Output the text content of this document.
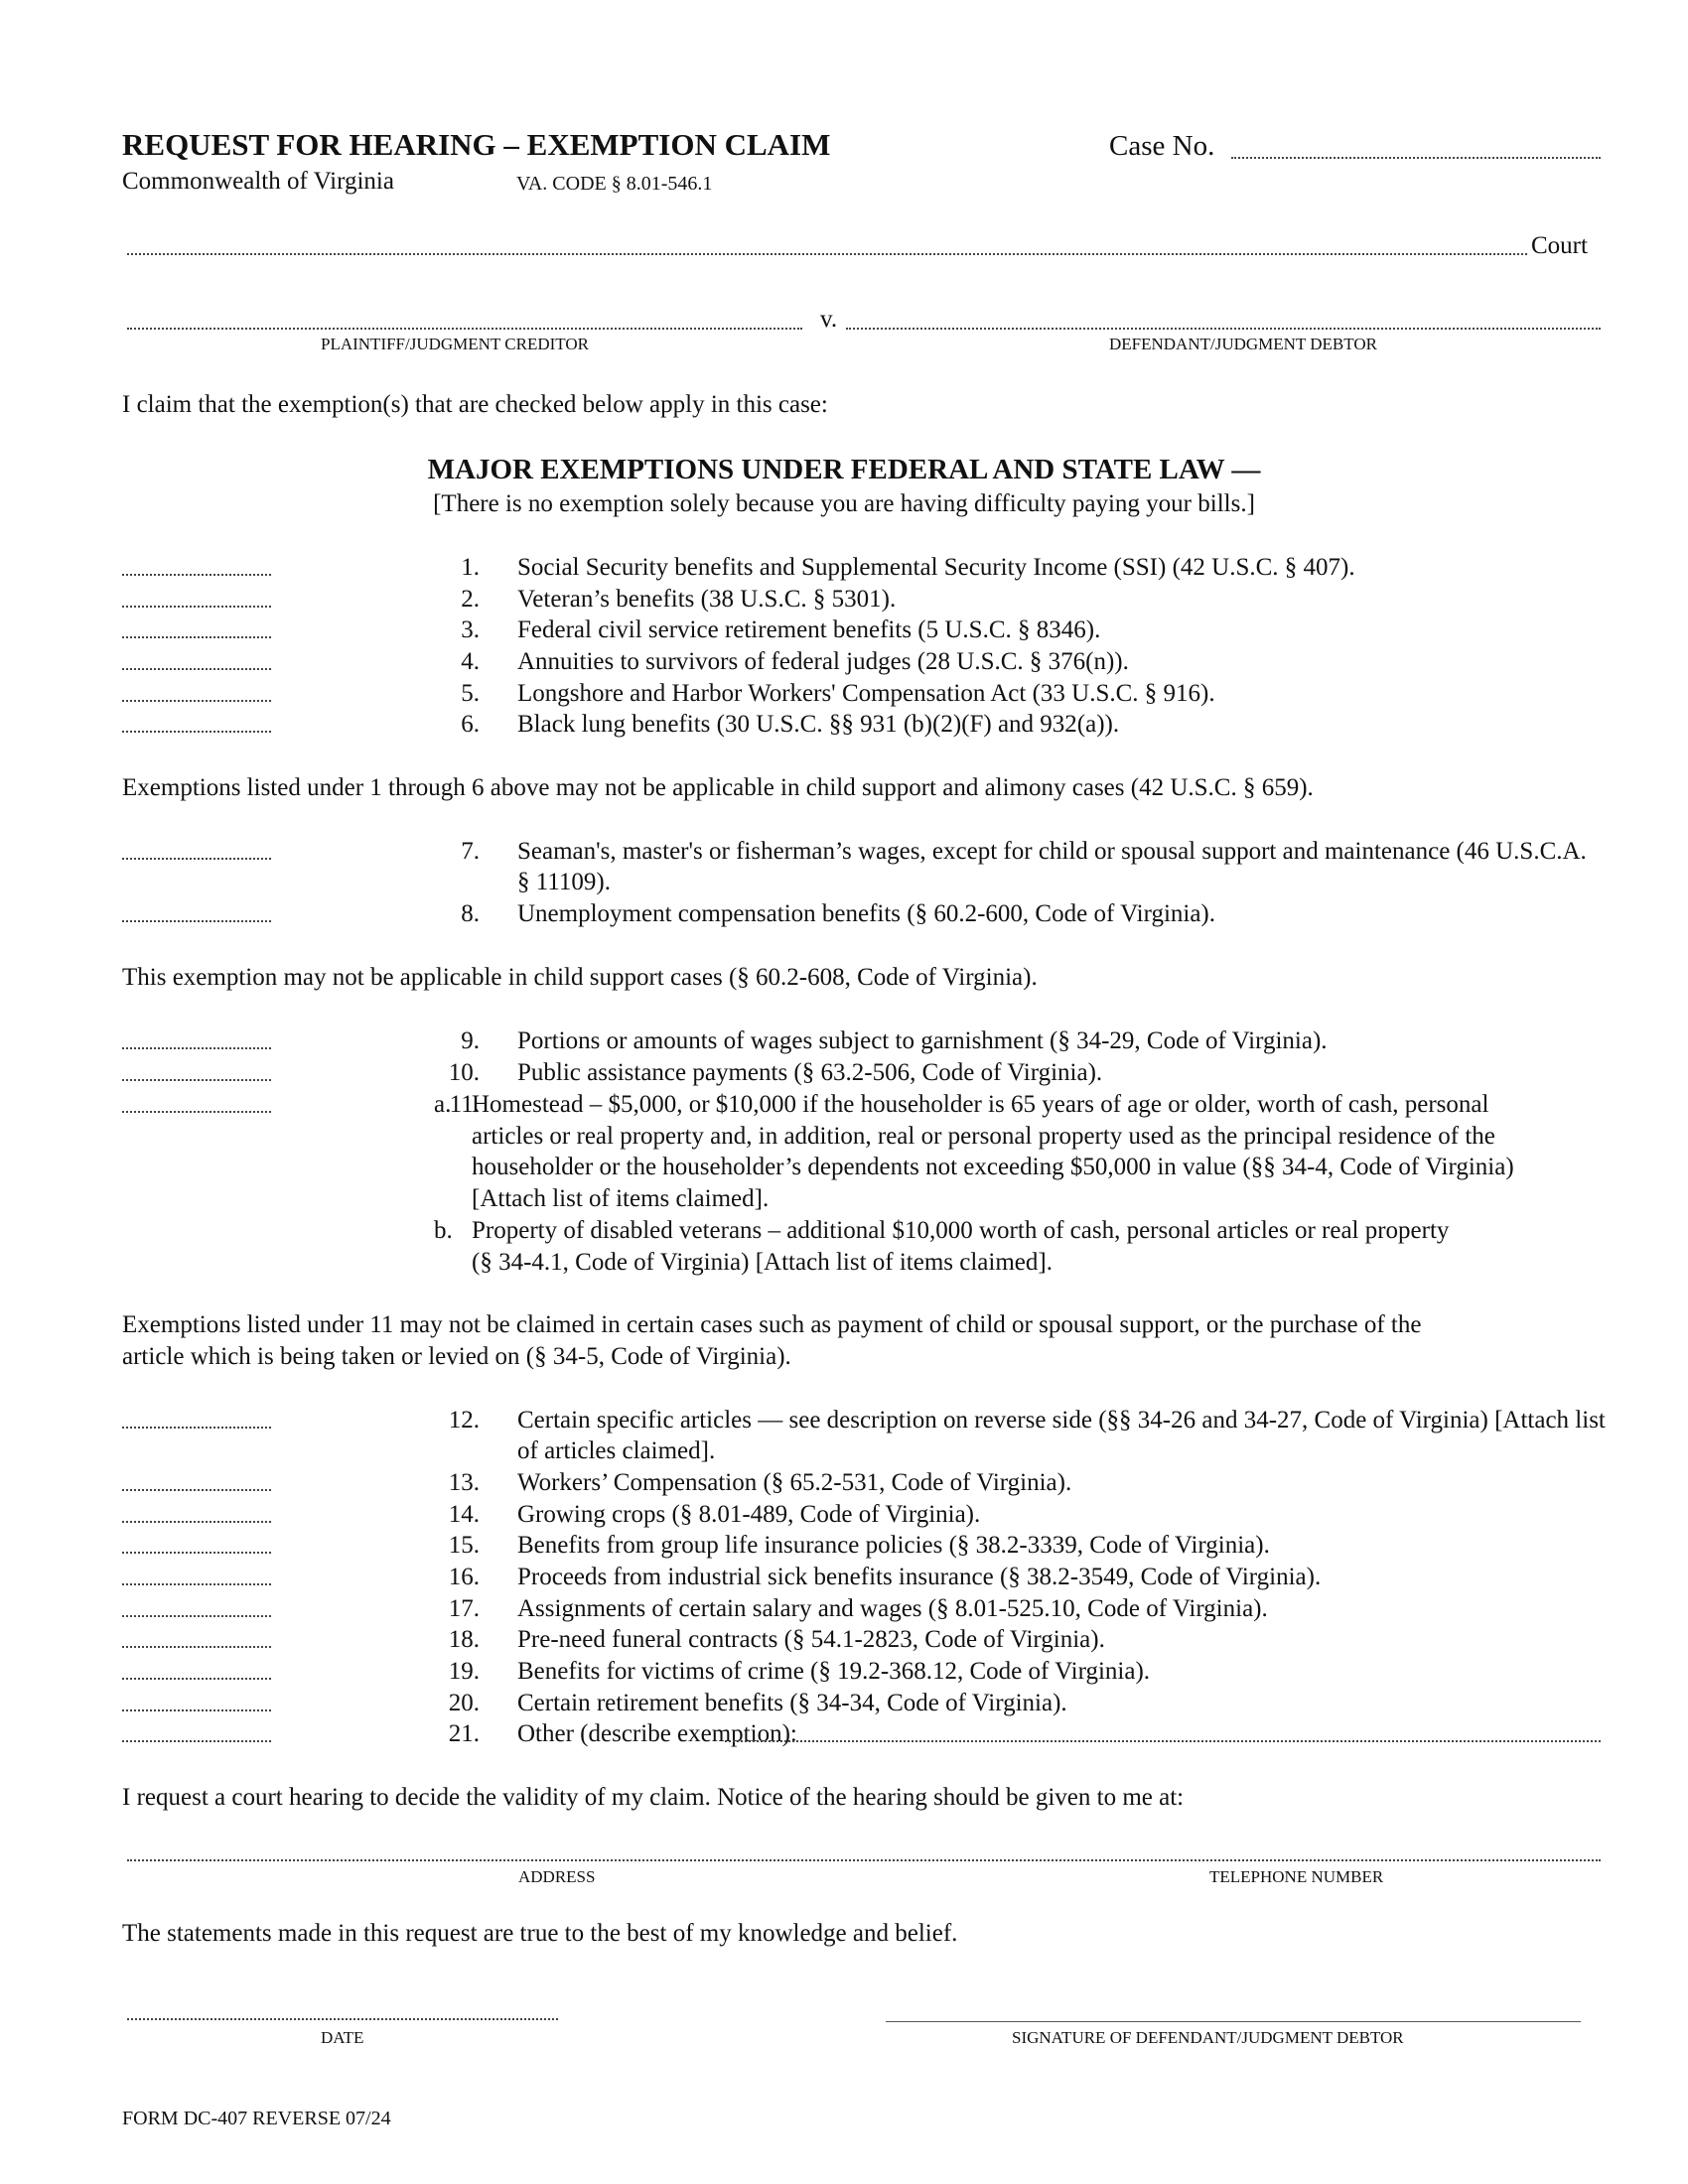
REQUEST FOR HEARING – EXEMPTION CLAIM	Case No.
Commonwealth of Virginia	VA. CODE § 8.01-546.1
Court
v.
PLAINTIFF/JUDGMENT CREDITOR	DEFENDANT/JUDGMENT DEBTOR
I claim that the exemption(s) that are checked below apply in this case:
MAJOR EXEMPTIONS UNDER FEDERAL AND STATE LAW —
[There is no exemption solely because you are having difficulty paying your bills.]
1. Social Security benefits and Supplemental Security Income (SSI) (42 U.S.C. § 407).
2. Veteran’s benefits (38 U.S.C. § 5301).
3. Federal civil service retirement benefits (5 U.S.C. § 8346).
4. Annuities to survivors of federal judges (28 U.S.C. § 376(n)).
5. Longshore and Harbor Workers' Compensation Act (33 U.S.C. § 916).
6. Black lung benefits (30 U.S.C. §§ 931 (b)(2)(F) and 932(a)).
Exemptions listed under 1 through 6 above may not be applicable in child support and alimony cases (42 U.S.C. § 659).
7. Seaman's, master's or fisherman’s wages, except for child or spousal support and maintenance (46 U.S.C.A.
§ 11109).
8. Unemployment compensation benefits (§ 60.2-600, Code of Virginia).
This exemption may not be applicable in child support cases (§ 60.2-608, Code of Virginia).
9. Portions or amounts of wages subject to garnishment (§ 34-29, Code of Virginia).
10. Public assistance payments (§ 63.2-506, Code of Virginia).
11.
a. Homestead – $5,000, or $10,000 if the householder is 65 years of age or older, worth of cash, personal
articles or real property and, in addition, real or personal property used as the principal residence of the
householder or the householder’s dependents not exceeding $50,000 in value (§§ 34-4, Code of Virginia)
[Attach list of items claimed].
b. Property of disabled veterans – additional $10,000 worth of cash, personal articles or real property
(§ 34-4.1, Code of Virginia) [Attach list of items claimed].
Exemptions listed under 11 may not be claimed in certain cases such as payment of child or spousal support, or the purchase of the
article which is being taken or levied on (§ 34-5, Code of Virginia).
12. Certain specific articles — see description on reverse side (§§ 34-26 and 34-27, Code of Virginia) [Attach list
of articles claimed].
13. Workers’ Compensation (§ 65.2-531, Code of Virginia).
14. Growing crops (§ 8.01-489, Code of Virginia).
15. Benefits from group life insurance policies (§ 38.2-3339, Code of Virginia).
16. Proceeds from industrial sick benefits insurance (§ 38.2-3549, Code of Virginia).
17. Assignments of certain salary and wages (§ 8.01-525.10, Code of Virginia).
18. Pre-need funeral contracts (§ 54.1-2823, Code of Virginia).
19. Benefits for victims of crime (§ 19.2-368.12, Code of Virginia).
20. Certain retirement benefits (§ 34-34, Code of Virginia).
21. Other (describe exemption):
I request a court hearing to decide the validity of my claim. Notice of the hearing should be given to me at:
ADDRESS	TELEPHONE NUMBER
The statements made in this request are true to the best of my knowledge and belief.
DATE	SIGNATURE OF DEFENDANT/JUDGMENT DEBTOR
FORM DC-407 REVERSE 07/24
